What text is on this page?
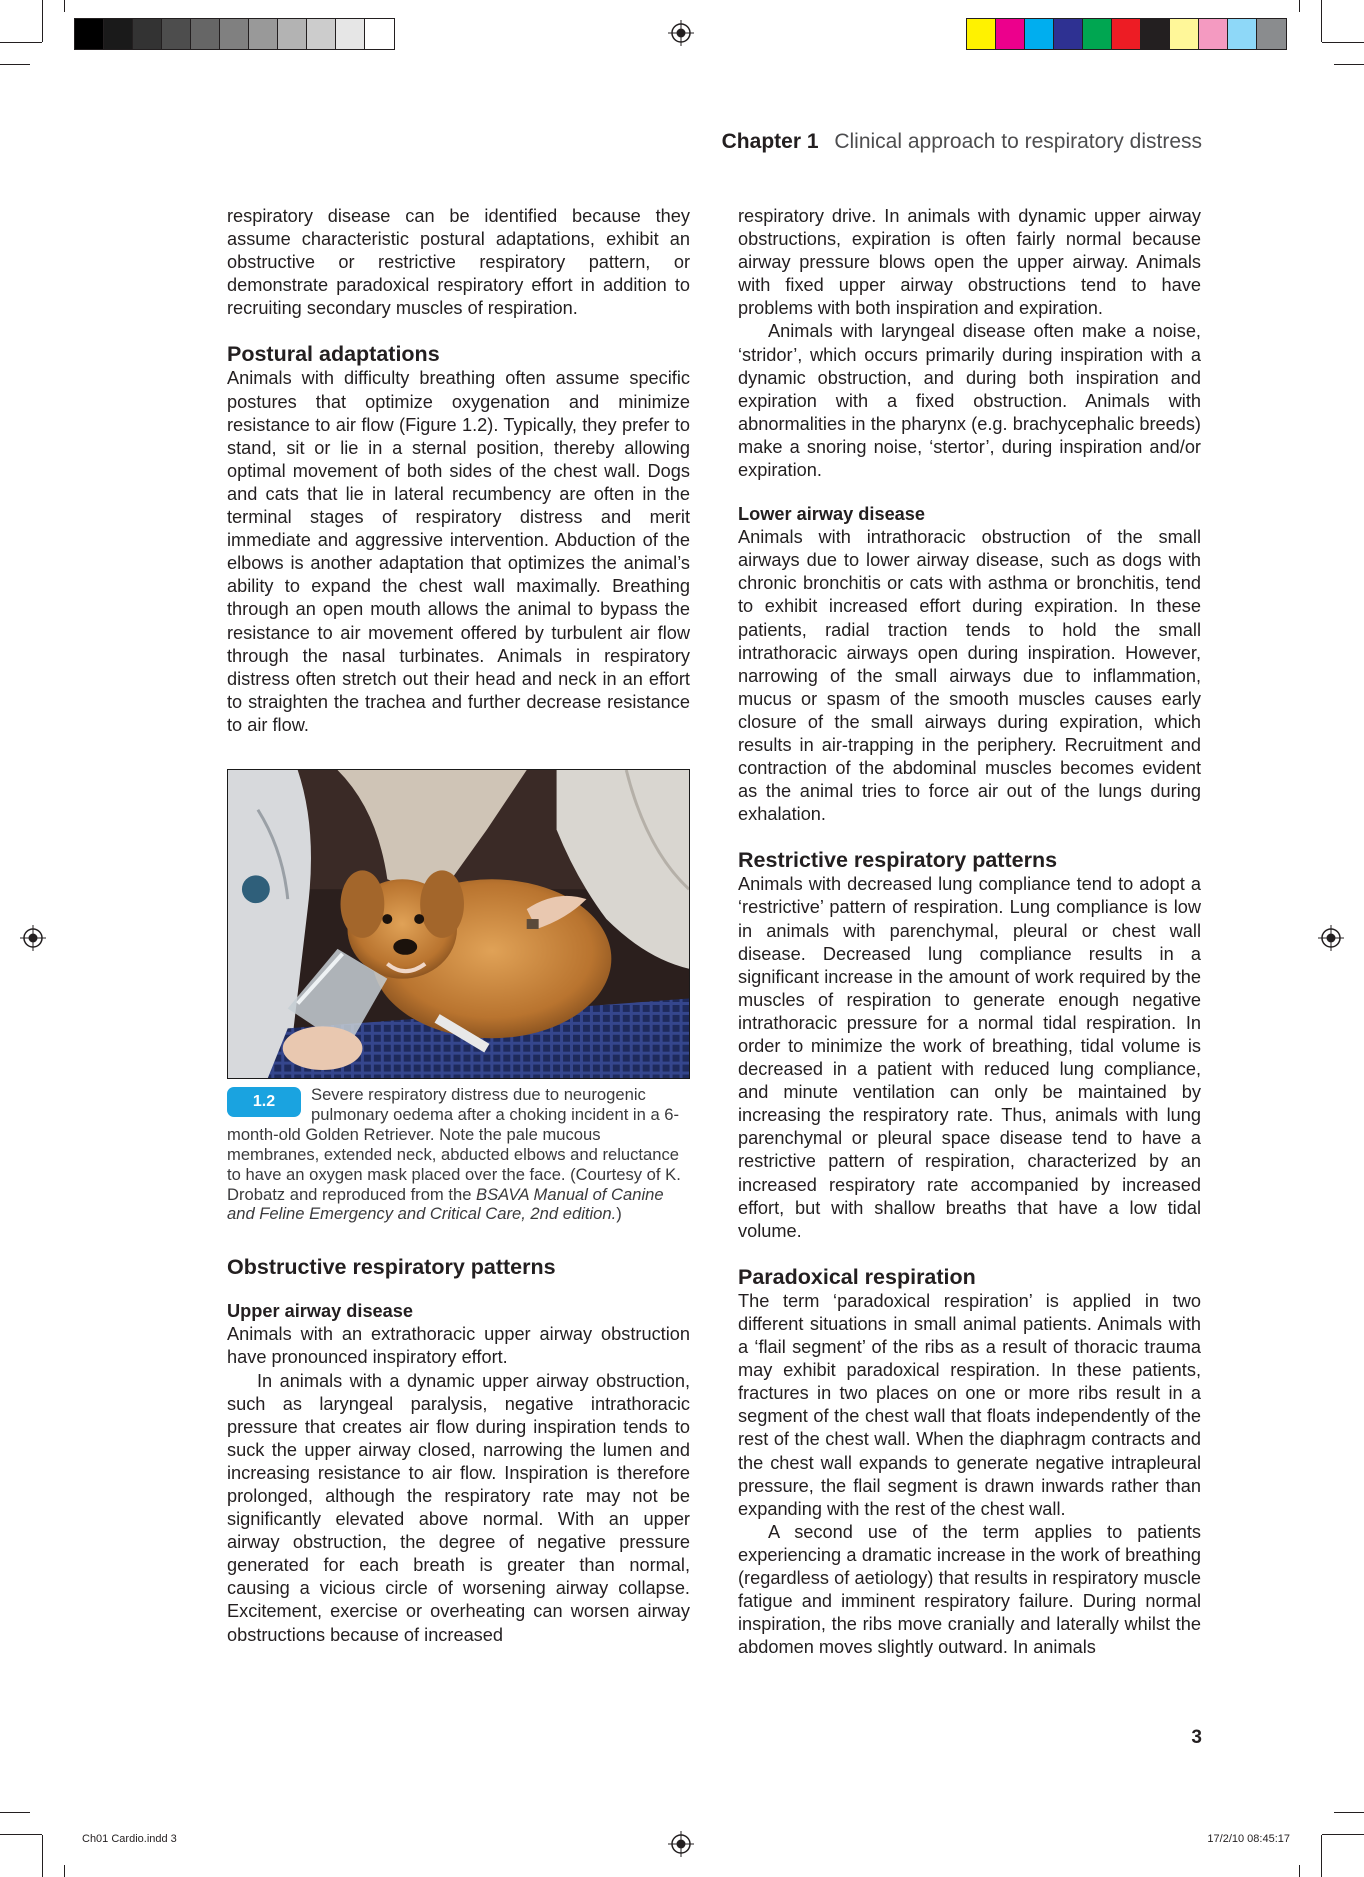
Chapter 1 Clinical approach to respiratory distress

respiratory disease can be identified because they assume characteristic postural adaptations, exhibit an obstructive or restrictive respiratory pattern, or demonstrate paradoxical respiratory effort in addition to recruiting secondary muscles of respiration.

Postural adaptations

Animals with difficulty breathing often assume specific postures that optimize oxygenation and minimize resistance to air flow (Figure 1.2). Typically, they prefer to stand, sit or lie in a sternal position, thereby allowing optimal movement of both sides of the chest wall. Dogs and cats that lie in lateral recumbency are often in the terminal stages of respiratory distress and merit immediate and aggressive intervention. Abduction of the elbows is another adaptation that optimizes the animal’s ability to expand the chest wall maximally. Breathing through an open mouth allows the animal to bypass the resistance to air movement offered by turbulent air flow through the nasal turbinates. Animals in respiratory distress often stretch out their head and neck in an effort to straighten the trachea and further decrease resistance to air flow.

1.2	Severe respiratory distress due to neurogenic pulmonary oedema after a choking incident in a 6-month-old Golden Retriever. Note the pale mucous membranes, extended neck, abducted elbows and reluctance to have an oxygen mask placed over the face. (Courtesy of K. Drobatz and reproduced from the BSAVA Manual of Canine and Feline Emergency and Critical Care, 2nd edition.)
Obstructive respiratory patterns
Upper airway disease

Animals with an extrathoracic upper airway obstruction have pronounced inspiratory effort.

In animals with a dynamic upper airway obstruction, such as laryngeal paralysis, negative intrathoracic pressure that creates air flow during inspiration tends to suck the upper airway closed, narrowing the lumen and increasing resistance to air flow. Inspiration is therefore prolonged, although the respiratory rate may not be significantly elevated above normal. With an upper airway obstruction, the degree of negative pressure generated for each breath is greater than normal, causing a vicious circle of worsening airway collapse. Excitement, exercise or overheating can worsen airway obstructions because of increased

respiratory drive. In animals with dynamic upper airway obstructions, expiration is often fairly normal because airway pressure blows open the upper airway. Animals with fixed upper airway obstructions tend to have problems with both inspiration and expiration.

Animals with laryngeal disease often make a noise, ‘stridor’, which occurs primarily during inspiration with a dynamic obstruction, and during both inspiration and expiration with a fixed obstruction. Animals with abnormalities in the pharynx (e.g. brachycephalic breeds) make a snoring noise, ‘stertor’, during inspiration and/or expiration.

Lower airway disease

Animals with intrathoracic obstruction of the small airways due to lower airway disease, such as dogs with chronic bronchitis or cats with asthma or bronchitis, tend to exhibit increased effort during expiration. In these patients, radial traction tends to hold the small intrathoracic airways open during inspiration. However, narrowing of the small airways due to inflammation, mucus or spasm of the smooth muscles causes early closure of the small airways during expiration, which results in air-trapping in the periphery. Recruitment and contraction of the abdominal muscles becomes evident as the animal tries to force air out of the lungs during exhalation.

Restrictive respiratory patterns

Animals with decreased lung compliance tend to adopt a ‘restrictive’ pattern of respiration. Lung compliance is low in animals with parenchymal, pleural or chest wall disease. Decreased lung compliance results in a significant increase in the amount of work required by the muscles of respiration to generate enough negative intrathoracic pressure for a normal tidal respiration. In order to minimize the work of breathing, tidal volume is decreased in a patient with reduced lung compliance, and minute ventilation can only be maintained by increasing the respiratory rate. Thus, animals with lung parenchymal or pleural space disease tend to have a restrictive pattern of respiration, characterized by an increased respiratory rate accompanied by increased effort, but with shallow breaths that have a low tidal volume.

Paradoxical respiration

The term ‘paradoxical respiration’ is applied in two different situations in small animal patients. Animals with a ‘flail segment’ of the ribs as a result of thoracic trauma may exhibit paradoxical respiration. In these patients, fractures in two places on one or more ribs result in a segment of the chest wall that floats independently of the rest of the chest wall. When the diaphragm contracts and the chest wall expands to generate negative intrapleural pressure, the flail segment is drawn inwards rather than expanding with the rest of the chest wall.

A second use of the term applies to patients experiencing a dramatic increase in the work of breathing (regardless of aetiology) that results in respiratory muscle fatigue and imminent respiratory failure. During normal inspiration, the ribs move cranially and laterally whilst the abdomen moves slightly outward. In animals

3
Ch01 Cardio.indd 3	17/2/10 08:45:17
